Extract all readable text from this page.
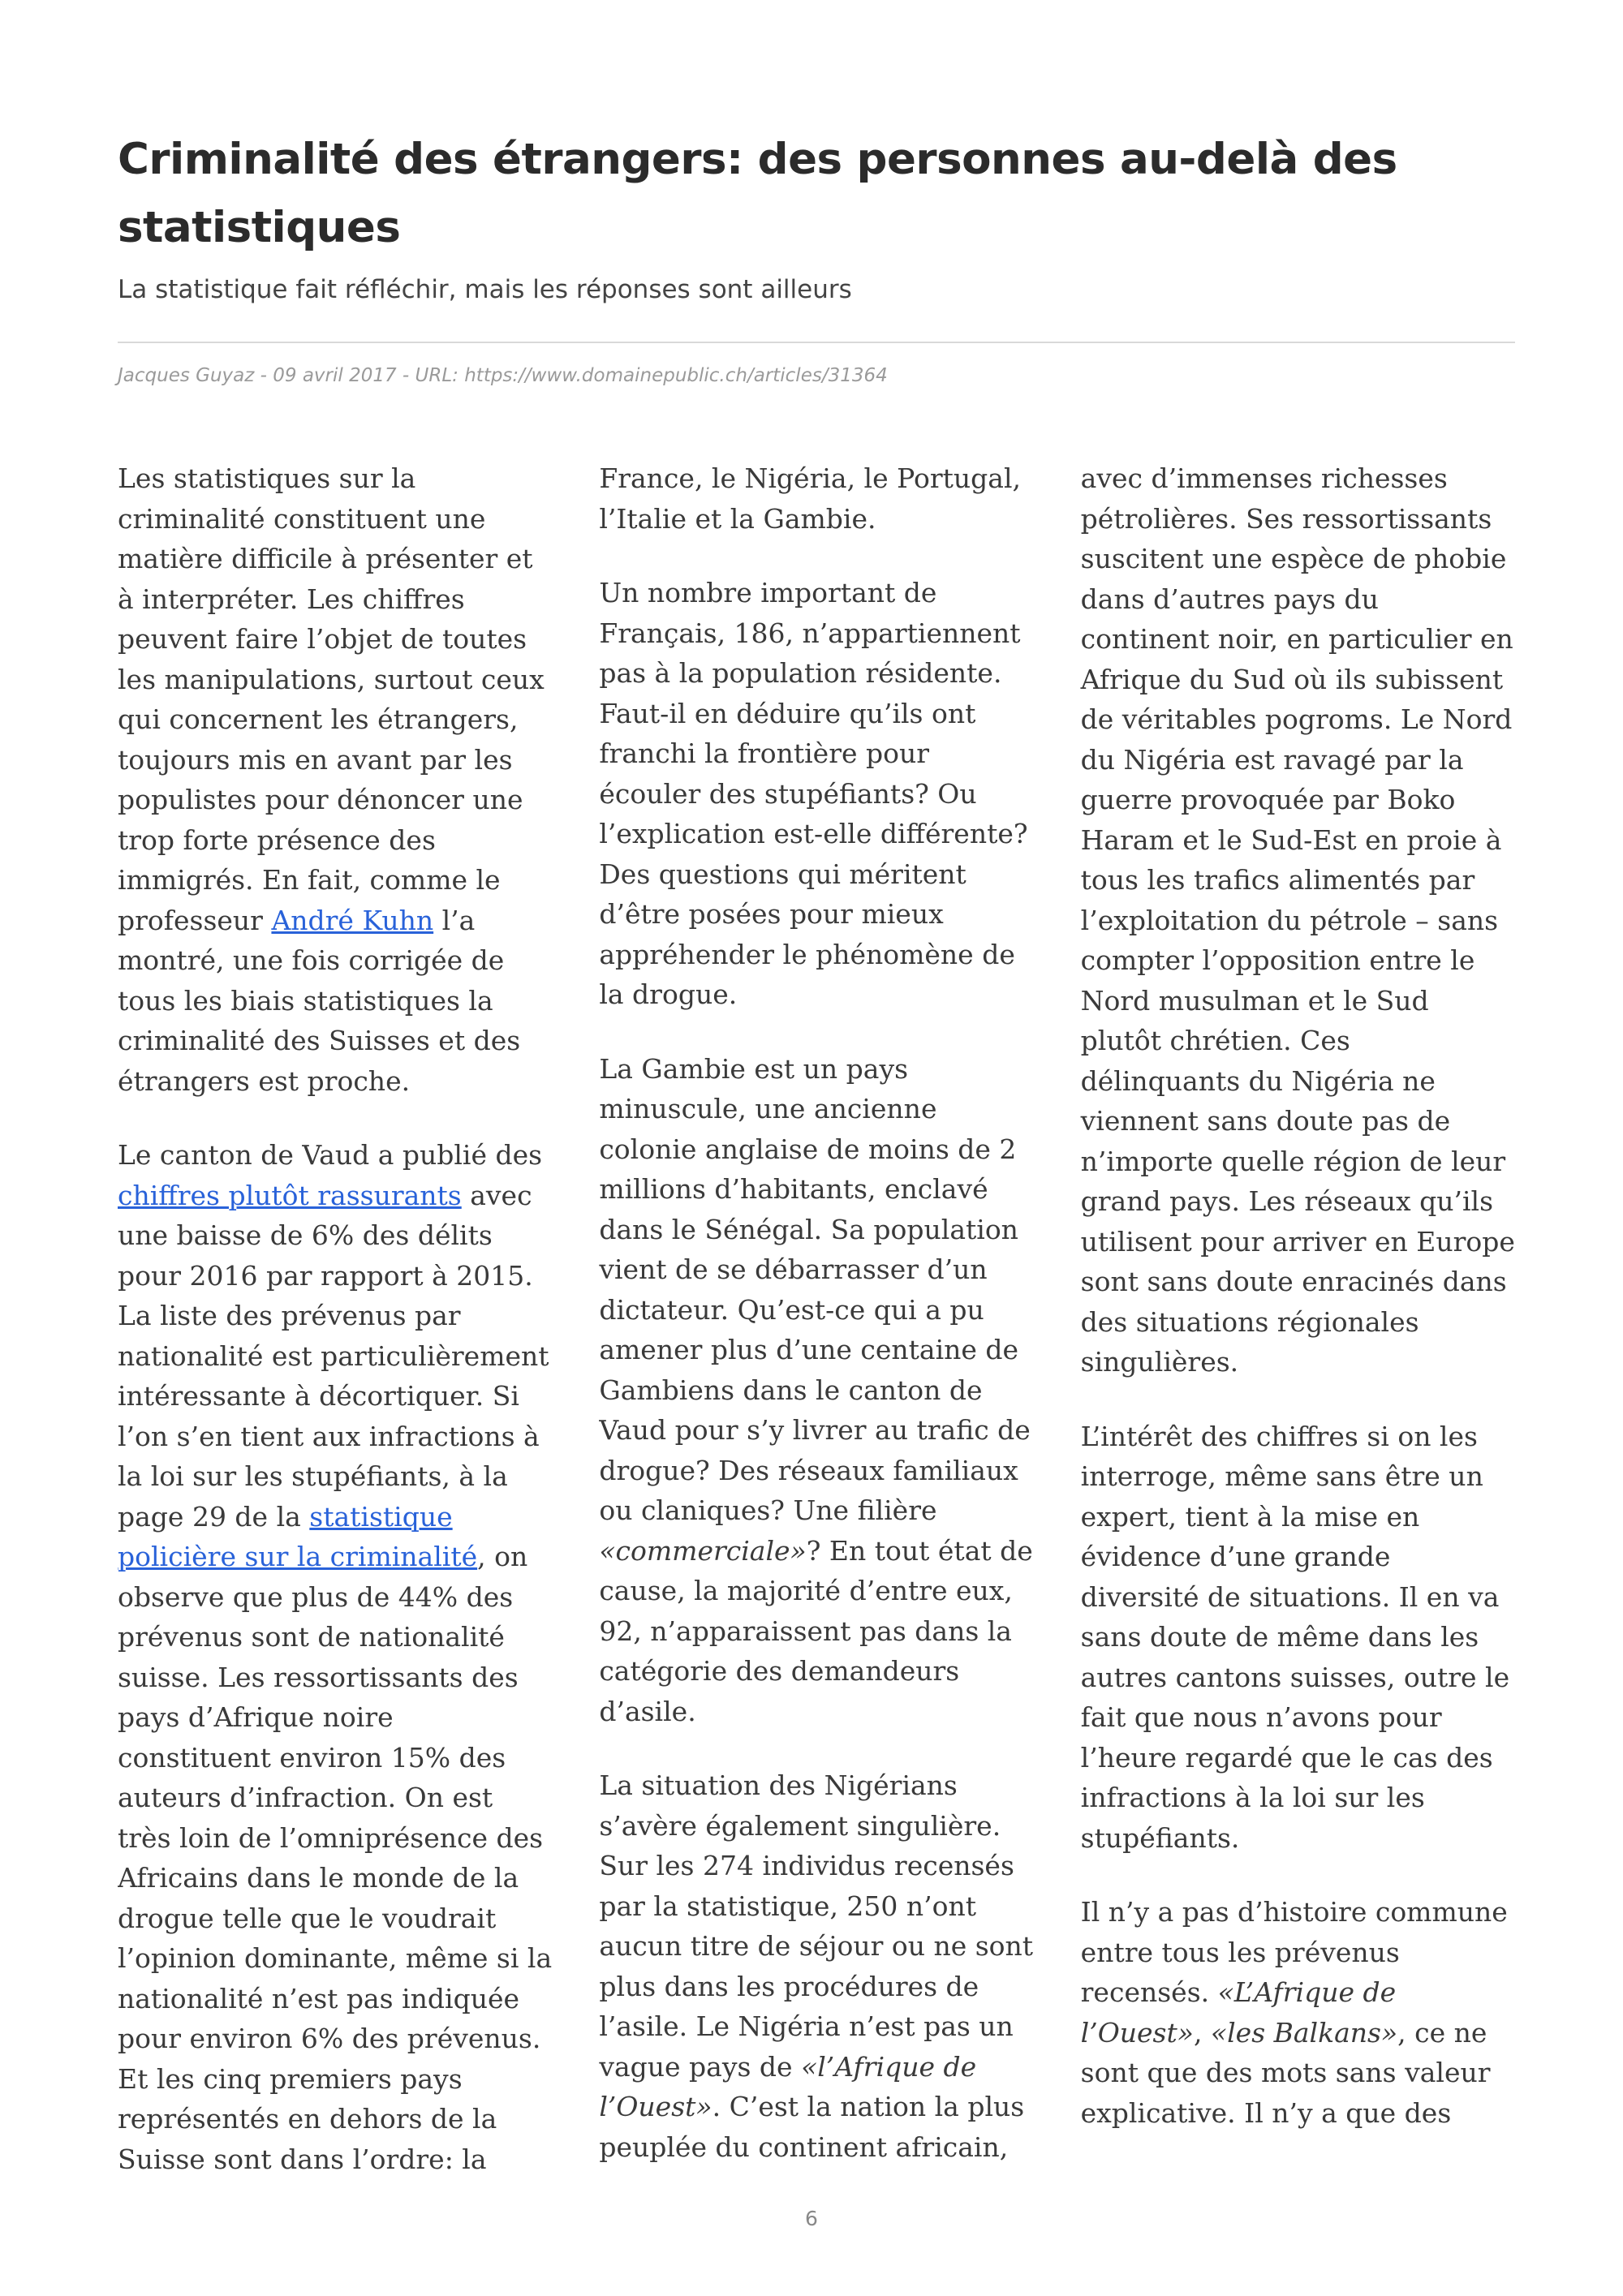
Criminalité des étrangers: des personnes au-delà des statistiques
La statistique fait réfléchir, mais les réponses sont ailleurs
Jacques Guyaz - 09 avril 2017 - URL: https://www.domainepublic.ch/articles/31364

Les statistiques sur la criminalité constituent une matière difficile à présenter et à interpréter. Les chiffres peuvent faire l’objet de toutes les manipulations, surtout ceux qui concernent les étrangers, toujours mis en avant par les populistes pour dénoncer une trop forte présence des immigrés. En fait, comme le professeur André Kuhn l’a montré, une fois corrigée de tous les biais statistiques la criminalité des Suisses et des étrangers est proche.

Le canton de Vaud a publié des chiffres plutôt rassurants avec une baisse de 6% des délits pour 2016 par rapport à 2015. La liste des prévenus par nationalité est particulièrement intéressante à décortiquer. Si l’on s’en tient aux infractions à la loi sur les stupéfiants, à la page 29 de la statistique policière sur la criminalité, on observe que plus de 44% des prévenus sont de nationalité suisse. Les ressortissants des pays d’Afrique noire constituent environ 15% des auteurs d’infraction. On est très loin de l’omniprésence des Africains dans le monde de la drogue telle que le voudrait l’opinion dominante, même si la nationalité n’est pas indiquée pour environ 6% des prévenus. Et les cinq premiers pays représentés en dehors de la Suisse sont dans l’ordre: la France, le Nigéria, le Portugal, l’Italie et la Gambie.

Un nombre important de Français, 186, n’appartiennent pas à la population résidente. Faut-il en déduire qu’ils ont franchi la frontière pour écouler des stupéfiants? Ou l’explication est-elle différente? Des questions qui méritent d’être posées pour mieux appréhender le phénomène de la drogue.

La Gambie est un pays minuscule, une ancienne colonie anglaise de moins de 2 millions d’habitants, enclavé dans le Sénégal. Sa population vient de se débarrasser d’un dictateur. Qu’est-ce qui a pu amener plus d’une centaine de Gambiens dans le canton de Vaud pour s’y livrer au trafic de drogue? Des réseaux familiaux ou claniques? Une filière «commerciale»? En tout état de cause, la majorité d’entre eux, 92, n’apparaissent pas dans la catégorie des demandeurs d’asile.

La situation des Nigérians s’avère également singulière. Sur les 274 individus recensés par la statistique, 250 n’ont aucun titre de séjour ou ne sont plus dans les procédures de l’asile. Le Nigéria n’est pas un vague pays de «l’Afrique de l’Ouest». C’est la nation la plus peuplée du continent africain, avec d’immenses richesses pétrolières. Ses ressortissants suscitent une espèce de phobie dans d’autres pays du continent noir, en particulier en Afrique du Sud où ils subissent de véritables pogroms. Le Nord du Nigéria est ravagé par la guerre provoquée par Boko Haram et le Sud-Est en proie à tous les trafics alimentés par l’exploitation du pétrole – sans compter l’opposition entre le Nord musulman et le Sud plutôt chrétien. Ces délinquants du Nigéria ne viennent sans doute pas de n’importe quelle région de leur grand pays. Les réseaux qu’ils utilisent pour arriver en Europe sont sans doute enracinés dans des situations régionales singulières.

L’intérêt des chiffres si on les interroge, même sans être un expert, tient à la mise en évidence d’une grande diversité de situations. Il en va sans doute de même dans les autres cantons suisses, outre le fait que nous n’avons pour l’heure regardé que le cas des infractions à la loi sur les stupéfiants.

Il n’y a pas d’histoire commune entre tous les prévenus recensés. «L’Afrique de l’Ouest», «les Balkans», ce ne sont que des mots sans valeur explicative. Il n’y a que des

6
